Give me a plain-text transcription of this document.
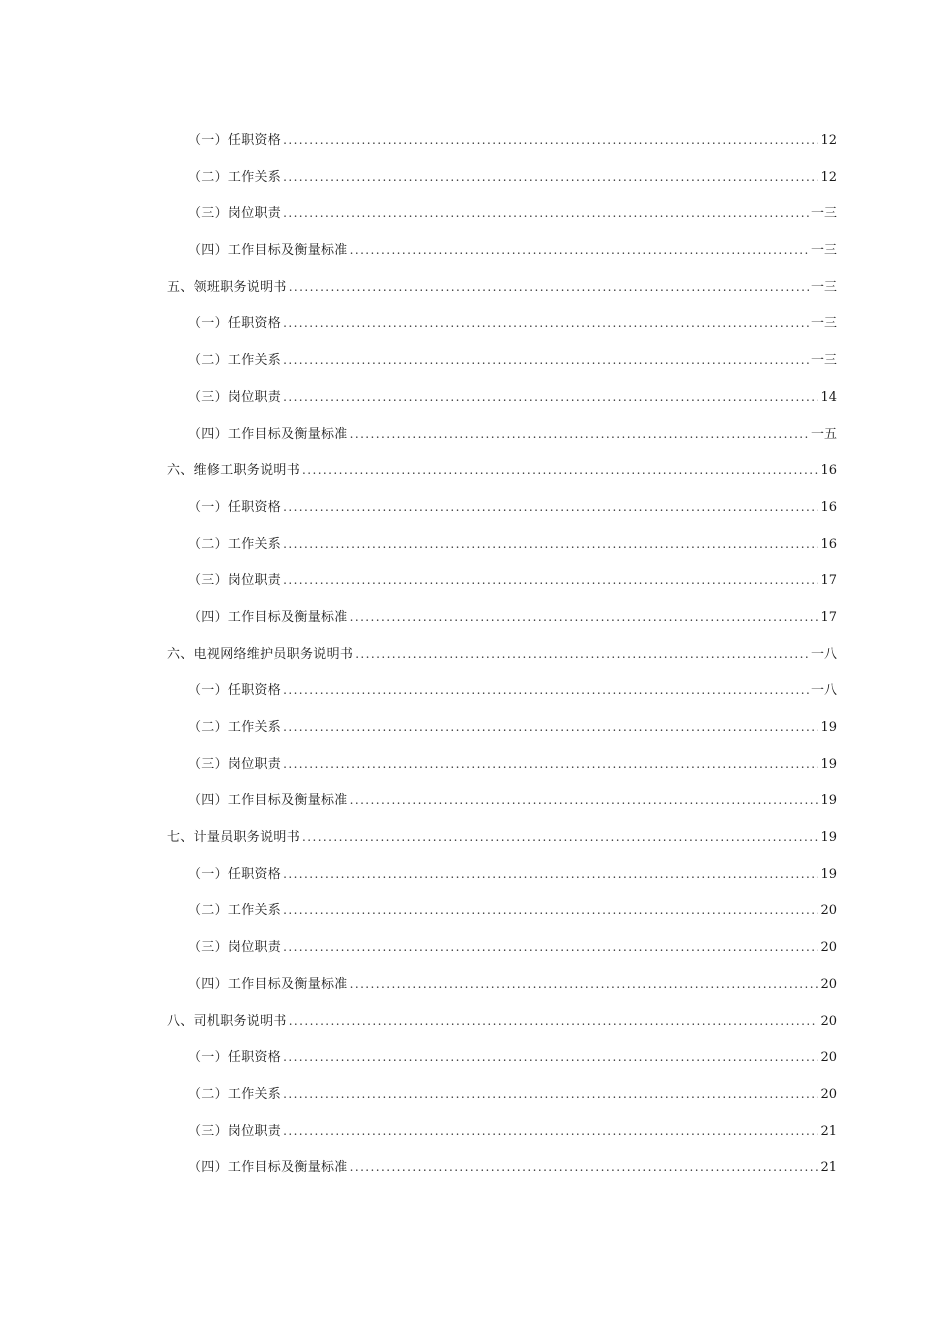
（一）任职资格 . . .	12
（二）工作关系 . . .	12
（三）岗位职责 . . .	一三
（四）工作目标及衡量标准 . . .	一三
五、领班职务说明书 . . .	一三
（一）任职资格 . . .	一三
（二）工作关系 . . .	一三
（三）岗位职责 . . .	14
（四）工作目标及衡量标准 . . .	一五
六、维修工职务说明书 . . .	16
（一）任职资格 . . .	16
（二）工作关系 . . .	16
（三）岗位职责 . . .	17
（四）工作目标及衡量标准 . . .	17
六、电视网络维护员职务说明书 . . .	一八
（一）任职资格 . . .	一八
（二）工作关系 . . .	19
（三）岗位职责 . . .	19
（四）工作目标及衡量标准 . . .	19
七、计量员职务说明书 . . .	19
（一）任职资格 . . .	19
（二）工作关系 . . .	20
（三）岗位职责 . . .	20
（四）工作目标及衡量标准 . . .	20
八、司机职务说明书 . . .	20
（一）任职资格 . . .	20
（二）工作关系 . . .	20
（三）岗位职责 . . .	21
（四）工作目标及衡量标准 . . .	21
